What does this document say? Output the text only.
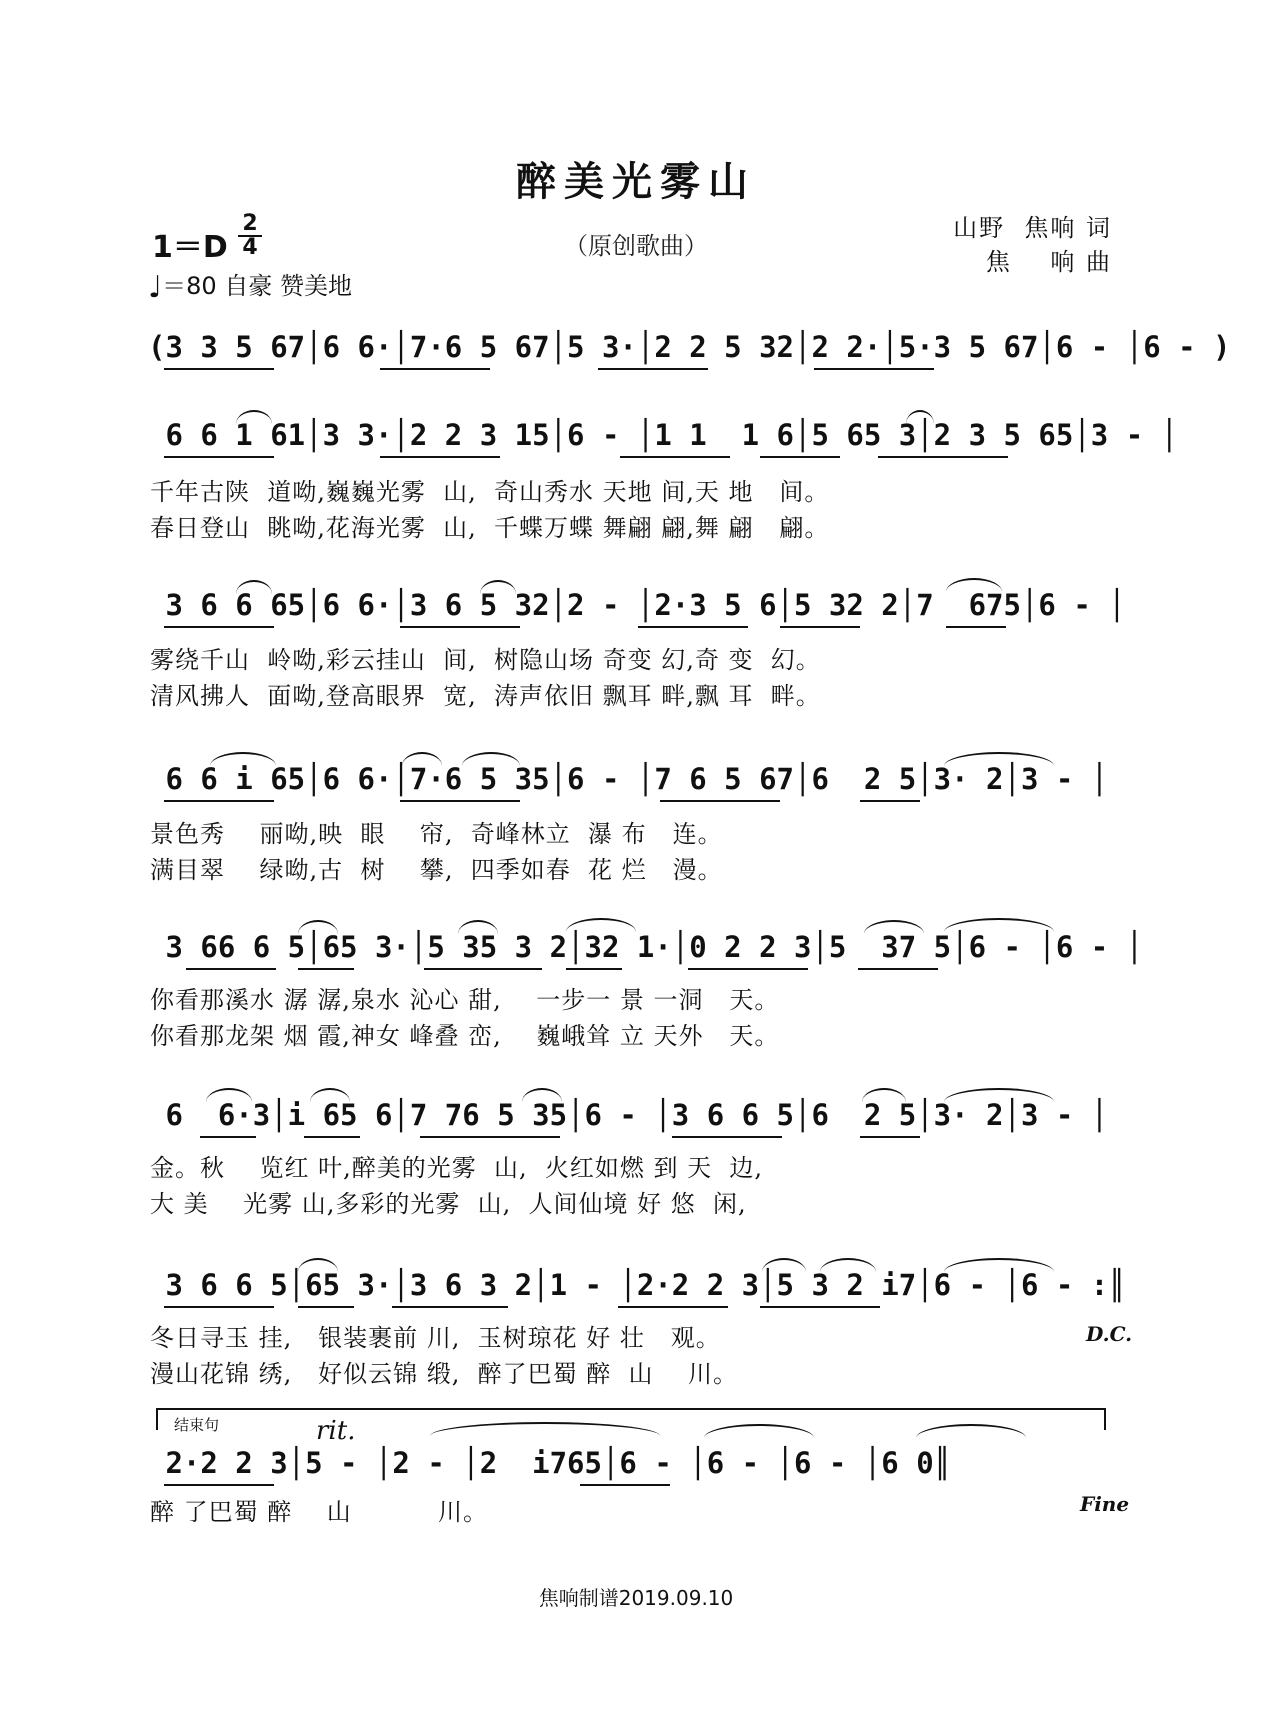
醉美光雾山
（原创歌曲）
1＝D
2
4
♩＝80 自豪 赞美地
山野  焦响 词
焦    响 曲
(3 3 5 67│6 6·│7·6 5 67│5 3·│2 2 5 32│2 2·│5·3 5 67│6 - │6 - )
6 6 1 61│3 3·│2 2 3 15│6 - │1 1  1 6│5 65 3│2 3 5 65│3 - │
千年古陕  道呦,巍巍光雾  山,  奇山秀水 天地 间,天 地   间。
春日登山  眺呦,花海光雾  山,  千蝶万蝶 舞翩 翩,舞 翩   翩。
3 6 6 65│6 6·│3 6 5 32│2 - │2·3 5 6│5 32 2│7  675│6 - │
雾绕千山  岭呦,彩云挂山  间,  树隐山场 奇变 幻,奇 变  幻。
清风拂人  面呦,登高眼界  宽,  涛声依旧 飘耳 畔,飘 耳  畔。
6 6 i 65│6 6·│7·6 5 35│6 - │7 6 5 67│6  2 5│3· 2│3 - │
景色秀    丽呦,映  眼    帘,  奇峰林立  瀑 布   连。
满目翠    绿呦,古  树    攀,  四季如春  花 烂   漫。
3 66 6 5│65 3·│5 35 3 2│32 1·│0 2 2 3│5  37 5│6 - │6 - │
你看那溪水 潺 潺,泉水 沁心 甜,    一步一 景 一洞   天。
你看那龙架 烟 霞,神女 峰叠 峦,    巍峨耸 立 天外   天。
6  6·3│i 65 6│7 76 5 35│6 - │3 6 6 5│6  2 5│3· 2│3 - │
金。秋    览红 叶,醉美的光雾  山,  火红如燃 到 天  边,
大 美    光雾 山,多彩的光雾  山,  人间仙境 好 悠  闲,
3 6 6 5│65 3·│3 6 3 2│1 - │2·2 2 3│5 3 2 i7│6 - │6 - :║
冬日寻玉 挂,   银装裹前 川,  玉树琼花 好 壮   观。
漫山花锦 绣,   好似云锦 缎,  醉了巴蜀 醉  山    川。
D.C.
结束句	rit.
2·2 2 3│5 - │2 - │2  i765│6 - │6 - │6 - │6 0║
醉 了巴蜀 醉    山          川。	Fine
焦响制谱2019.09.10
